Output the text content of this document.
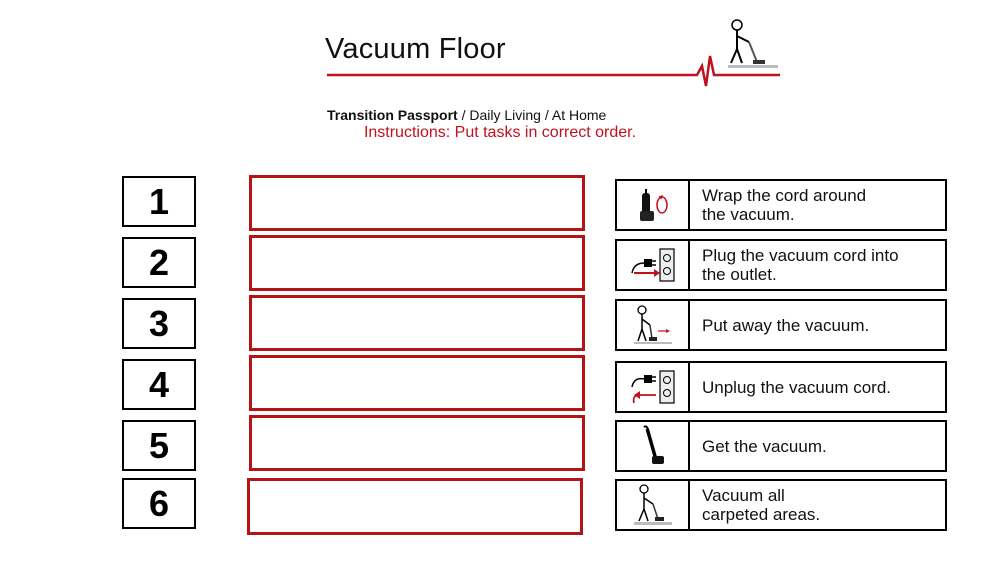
Vacuum Floor
Transition Passport / Daily Living / At Home
Instructions: Put tasks in correct order.
1
2
3
4
5
6
Wrap the cord around
the vacuum.
Plug the vacuum cord into
the outlet.
Put away the vacuum.
Unplug the vacuum cord.
Get the vacuum.
Vacuum all
carpeted areas.
